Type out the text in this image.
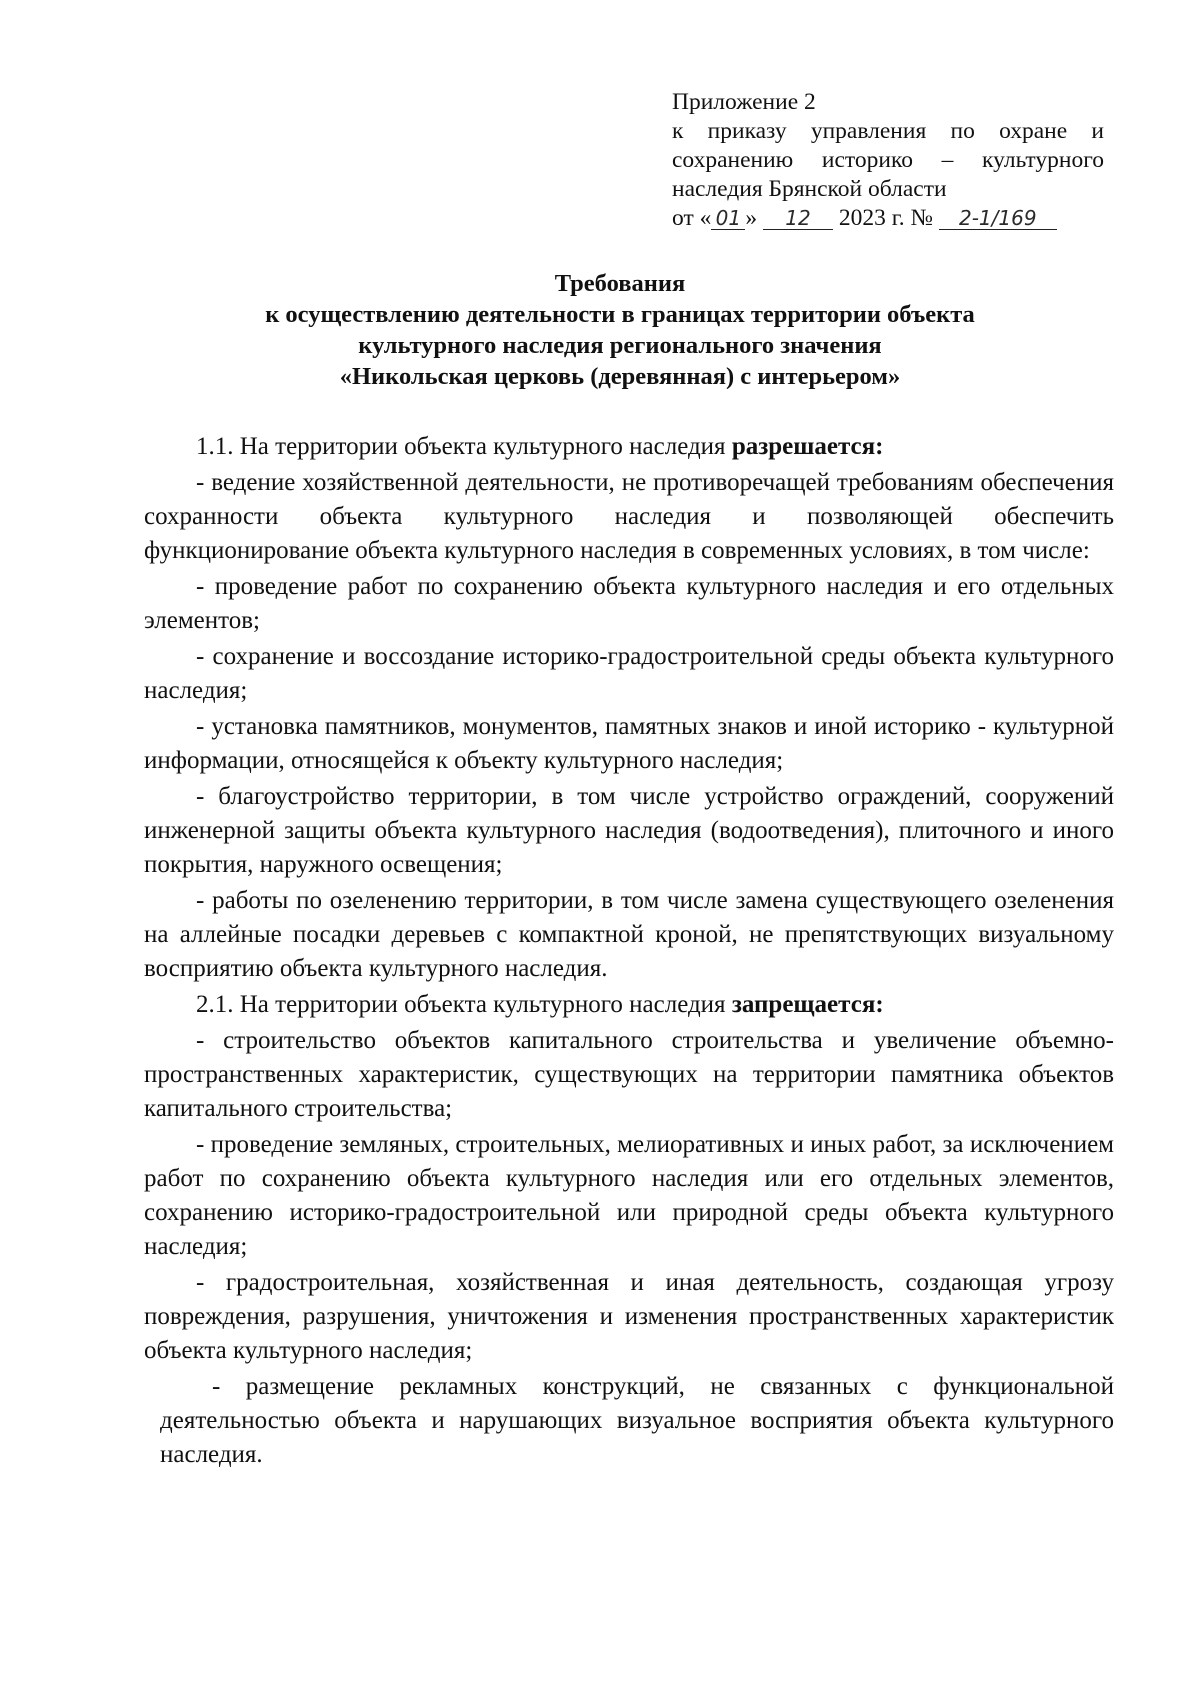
Приложение 2
к приказу управления по охране и
сохранению историко – культурного
наследия Брянской области
от « 01 » 12 2023 г. № 2-1/169
Требования
к осуществлению деятельности в границах территории объекта
культурного наследия регионального значения
«Никольская церковь (деревянная) с интерьером»

1.1. На территории объекта культурного наследия разрешается:

- ведение хозяйственной деятельности, не противоречащей требованиям обеспечения сохранности объекта культурного наследия и позволяющей обеспечить функционирование объекта культурного наследия в современных условиях, в том числе:

- проведение работ по сохранению объекта культурного наследия и его отдельных элементов;

- сохранение и воссоздание историко-градостроительной среды объекта культурного наследия;

- установка памятников, монументов, памятных знаков и иной историко - культурной информации, относящейся к объекту культурного наследия;

- благоустройство территории, в том числе устройство ограждений, сооружений инженерной защиты объекта культурного наследия (водоотведения), плиточного и иного покрытия, наружного освещения;

- работы по озеленению территории, в том числе замена существующего озеленения на аллейные посадки деревьев с компактной кроной, не препятствующих визуальному восприятию объекта культурного наследия.

2.1. На территории объекта культурного наследия запрещается:

- строительство объектов капитального строительства и увеличение объемно-пространственных характеристик, существующих на территории памятника объектов капитального строительства;

- проведение земляных, строительных, мелиоративных и иных работ, за исключением работ по сохранению объекта культурного наследия или его отдельных элементов, сохранению историко-градостроительной или природной среды объекта культурного наследия;

- градостроительная, хозяйственная и иная деятельность, создающая угрозу повреждения, разрушения, уничтожения и изменения пространственных характеристик объекта культурного наследия;

- размещение рекламных конструкций, не связанных с функциональной деятельностью объекта и нарушающих визуальное восприятия объекта культурного наследия.
